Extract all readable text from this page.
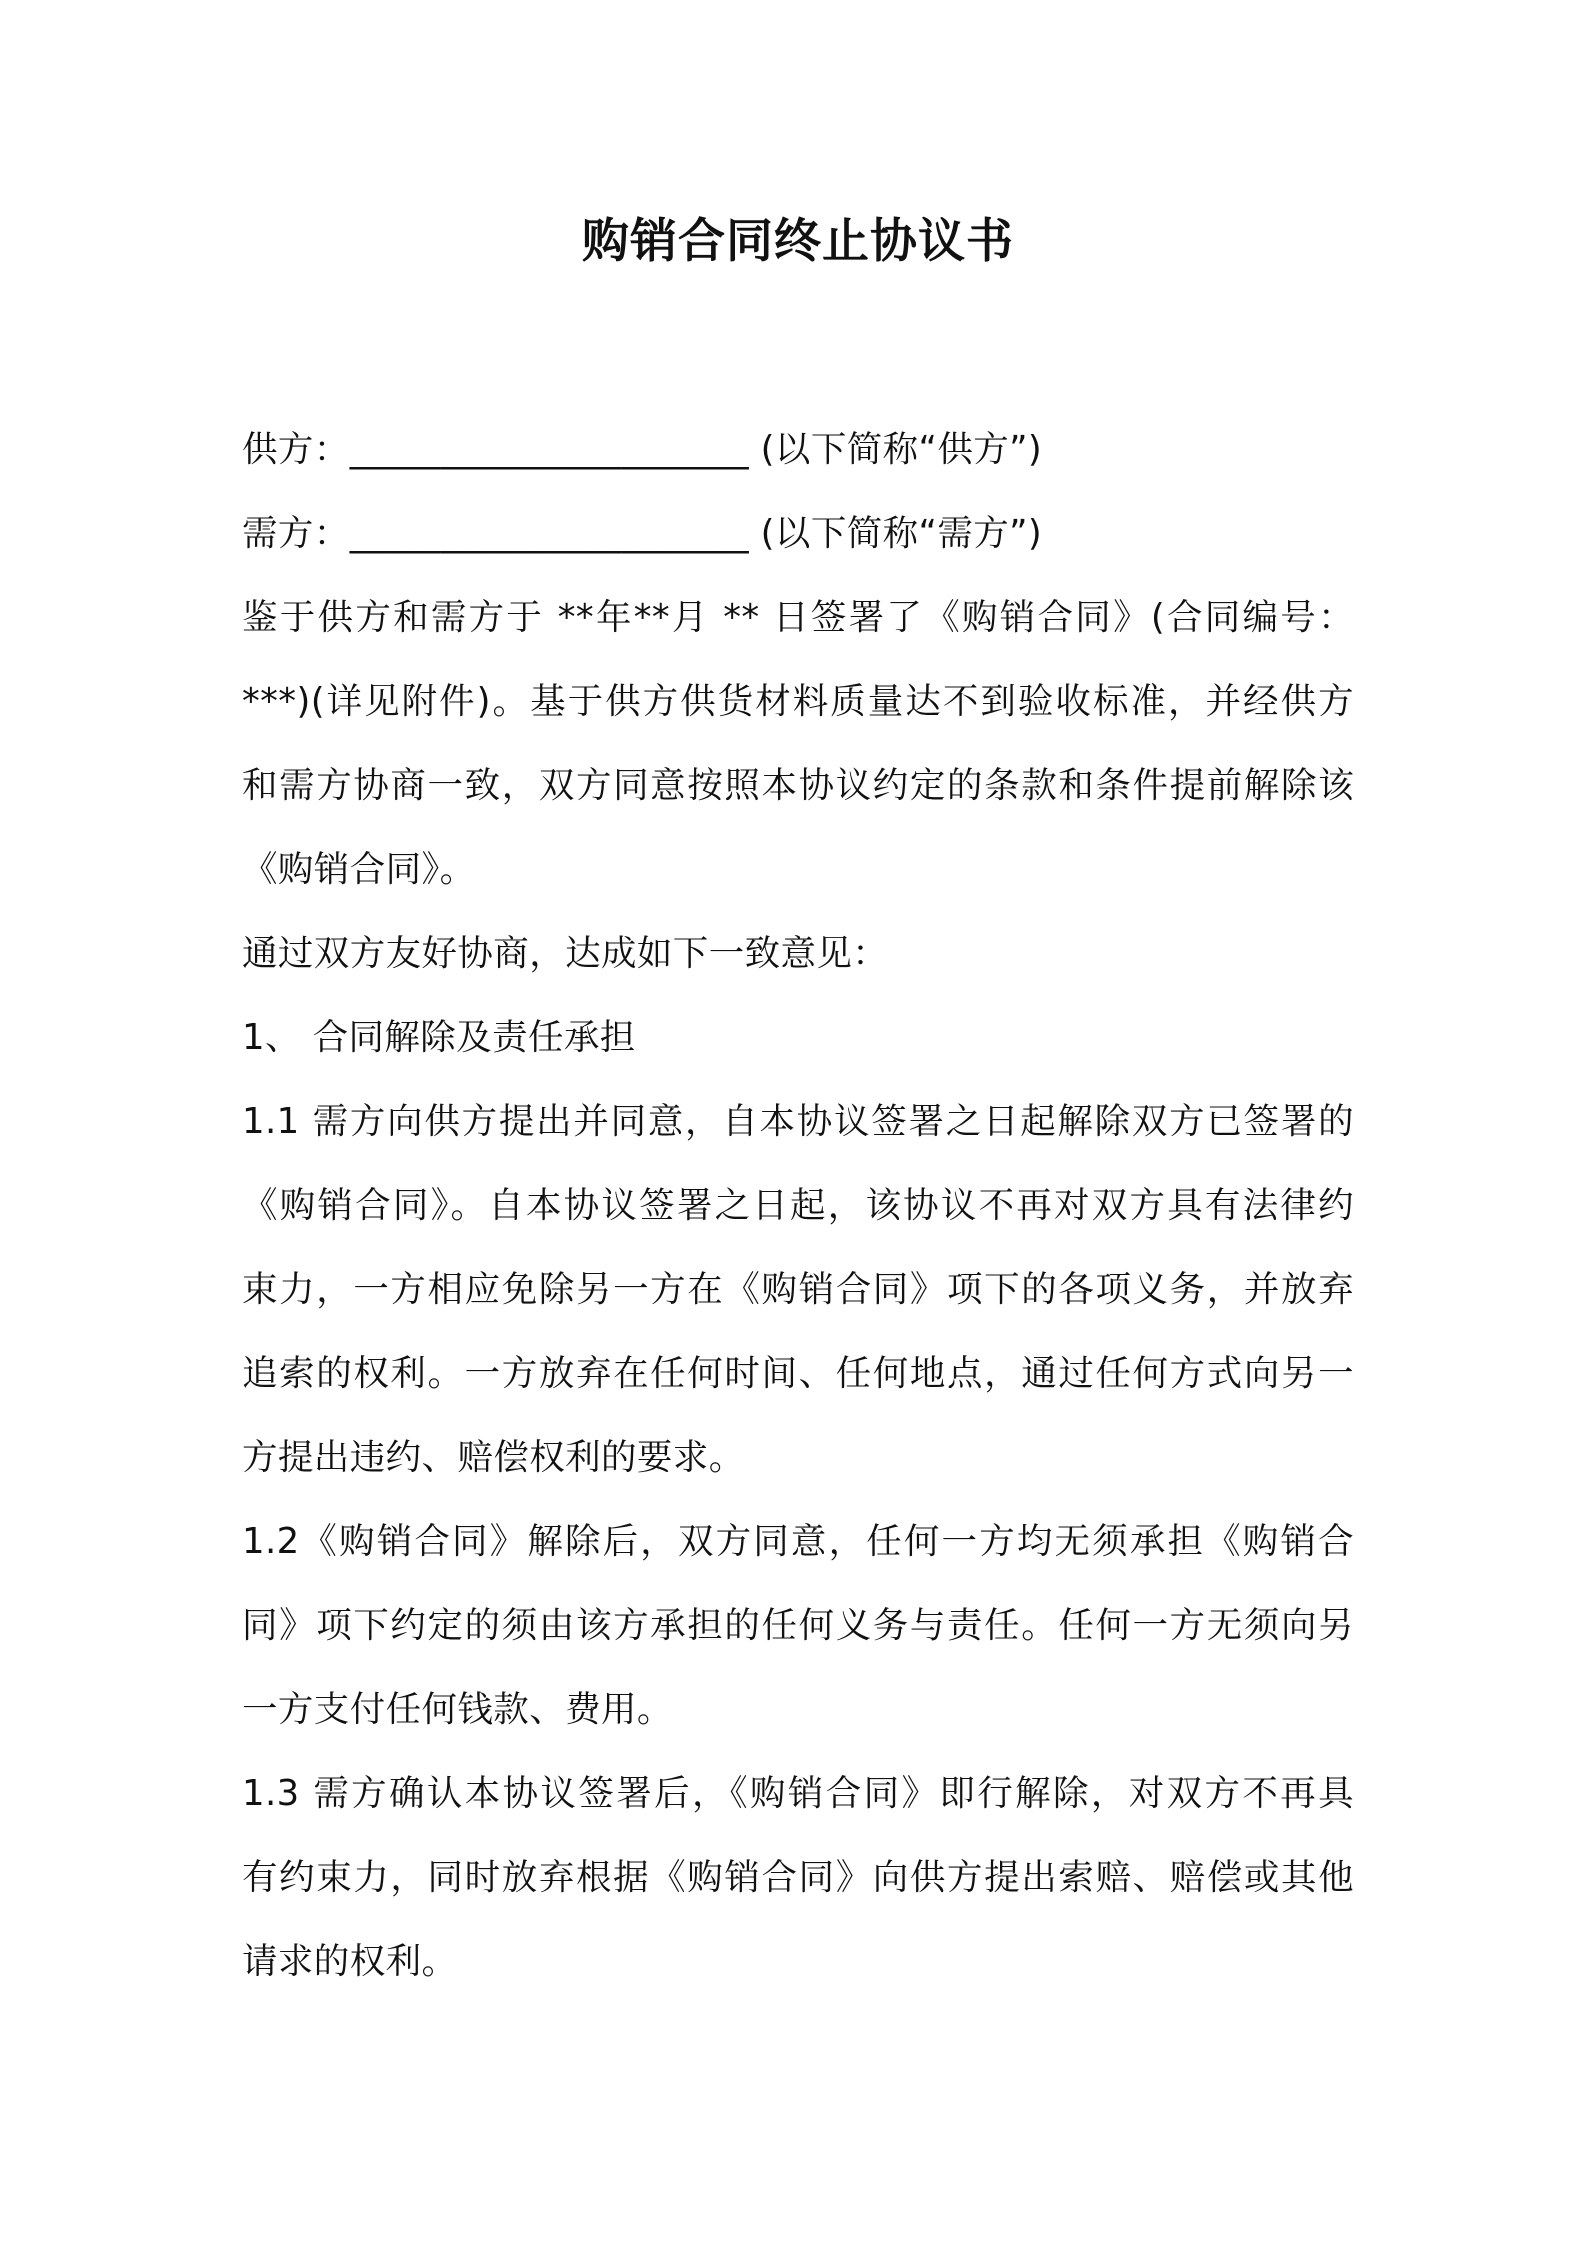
购销合同终止协议书
供方：______________________ (以下简称“供方”)
需方：______________________ (以下简称“需方”)
鉴于供方和需方于 **年**月 ** 日签署了《购销合同》(合同编号：
***)(详见附件)。基于供方供货材料质量达不到验收标准，并经供方
和需方协商一致，双方同意按照本协议约定的条款和条件提前解除该
《购销合同》。
通过双方友好协商，达成如下一致意见：
1、 合同解除及责任承担
1.1 需方向供方提出并同意，自本协议签署之日起解除双方已签署的
《购销合同》。自本协议签署之日起，该协议不再对双方具有法律约
束力，一方相应免除另一方在《购销合同》项下的各项义务，并放弃
追索的权利。一方放弃在任何时间、任何地点，通过任何方式向另一
方提出违约、赔偿权利的要求。
1.2《购销合同》解除后，双方同意，任何一方均无须承担《购销合
同》项下约定的须由该方承担的任何义务与责任。任何一方无须向另
一方支付任何钱款、费用。
1.3 需方确认本协议签署后，《购销合同》即行解除，对双方不再具
有约束力，同时放弃根据《购销合同》向供方提出索赔、赔偿或其他
请求的权利。
